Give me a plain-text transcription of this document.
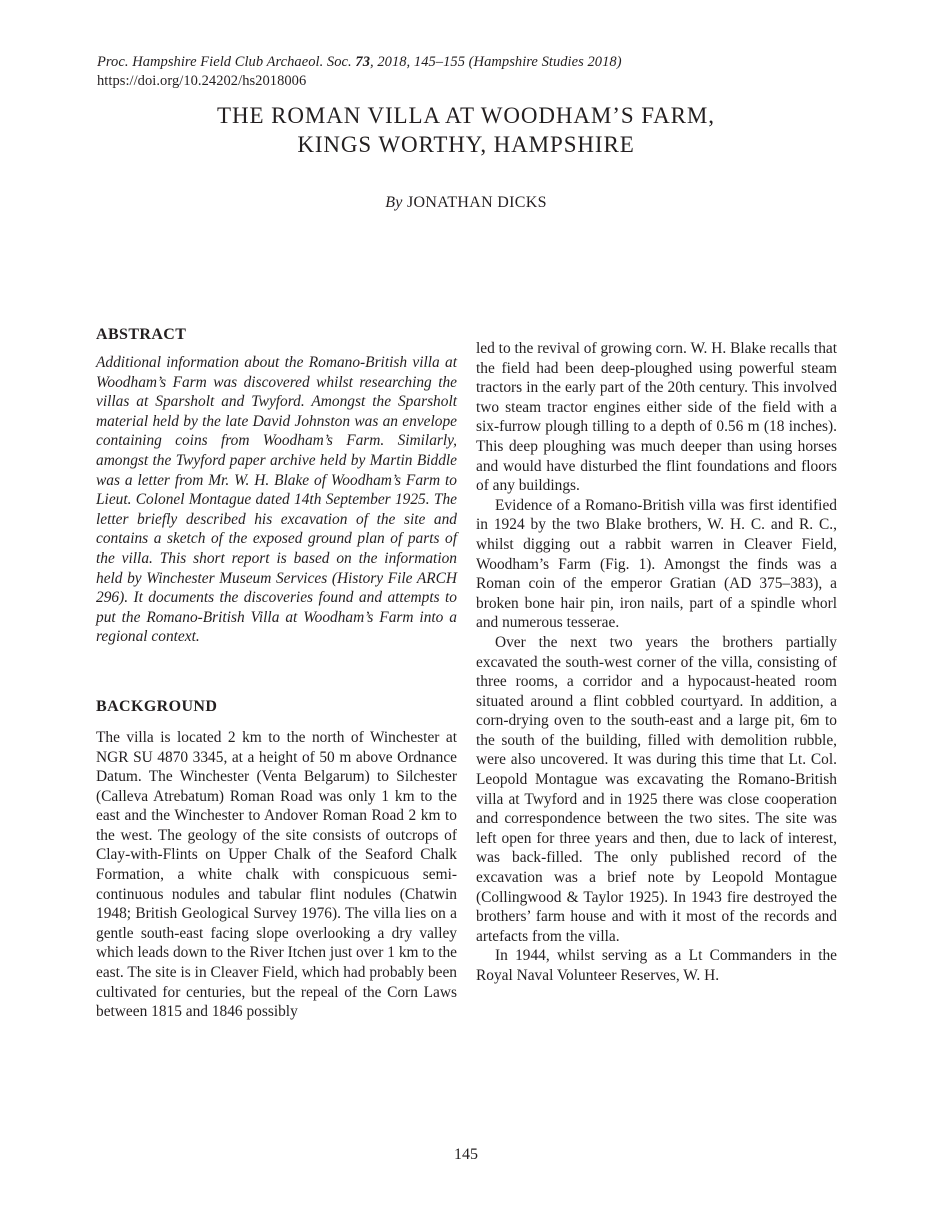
Proc. Hampshire Field Club Archaeol. Soc. 73, 2018, 145–155 (Hampshire Studies 2018)
https://doi.org/10.24202/hs2018006
THE ROMAN VILLA AT WOODHAM’S FARM,
KINGS WORTHY, HAMPSHIRE
By JONATHAN DICKS
ABSTRACT

Additional information about the Romano-British villa at Woodham’s Farm was discovered whilst researching the villas at Sparsholt and Twyford. Amongst the Sparsholt material held by the late David Johnston was an envelope containing coins from Woodham’s Farm. Similarly, amongst the Twyford paper archive held by Martin Biddle was a letter from Mr. W. H. Blake of Woodham’s Farm to Lieut. Colonel Montague dated 14th September 1925. The letter briefly described his excavation of the site and contains a sketch of the exposed ground plan of parts of the villa. This short report is based on the information held by Winchester Museum Services (History File ARCH 296). It documents the discoveries found and attempts to put the Romano-British Villa at Woodham’s Farm into a regional context.

BACKGROUND

The villa is located 2 km to the north of Winchester at NGR SU 4870 3345, at a height of 50 m above Ordnance Datum. The Winchester (Venta Belgarum) to Silchester (Calleva Atrebatum) Roman Road was only 1 km to the east and the Winchester to Andover Roman Road 2 km to the west. The geology of the site consists of outcrops of Clay-with-Flints on Upper Chalk of the Seaford Chalk Formation, a white chalk with conspicuous semi-continuous nodules and tabular flint nodules (Chatwin 1948; British Geological Survey 1976). The villa lies on a gentle south-east facing slope overlooking a dry valley which leads down to the River Itchen just over 1 km to the east. The site is in Cleaver Field, which had probably been cultivated for centuries, but the repeal of the Corn Laws between 1815 and 1846 possibly

led to the revival of growing corn. W. H. Blake recalls that the field had been deep-ploughed using powerful steam tractors in the early part of the 20th century. This involved two steam tractor engines either side of the field with a six-furrow plough tilling to a depth of 0.56 m (18 inches). This deep ploughing was much deeper than using horses and would have disturbed the flint foundations and floors of any buildings.

Evidence of a Romano-British villa was first identified in 1924 by the two Blake brothers, W. H. C. and R. C., whilst digging out a rabbit warren in Cleaver Field, Woodham’s Farm (Fig. 1). Amongst the finds was a Roman coin of the emperor Gratian (AD 375–383), a broken bone hair pin, iron nails, part of a spindle whorl and numerous tesserae.

Over the next two years the brothers partially excavated the south-west corner of the villa, consisting of three rooms, a corridor and a hypocaust-heated room situated around a flint cobbled courtyard. In addition, a corn-drying oven to the south-east and a large pit, 6m to the south of the building, filled with demolition rubble, were also uncovered. It was during this time that Lt. Col. Leopold Montague was excavating the Romano-British villa at Twyford and in 1925 there was close cooperation and correspondence between the two sites. The site was left open for three years and then, due to lack of interest, was back-filled. The only published record of the excavation was a brief note by Leopold Montague (Collingwood & Taylor 1925). In 1943 fire destroyed the brothers’ farm house and with it most of the records and artefacts from the villa.

In 1944, whilst serving as a Lt Commanders in the Royal Naval Volunteer Reserves, W. H.

145
